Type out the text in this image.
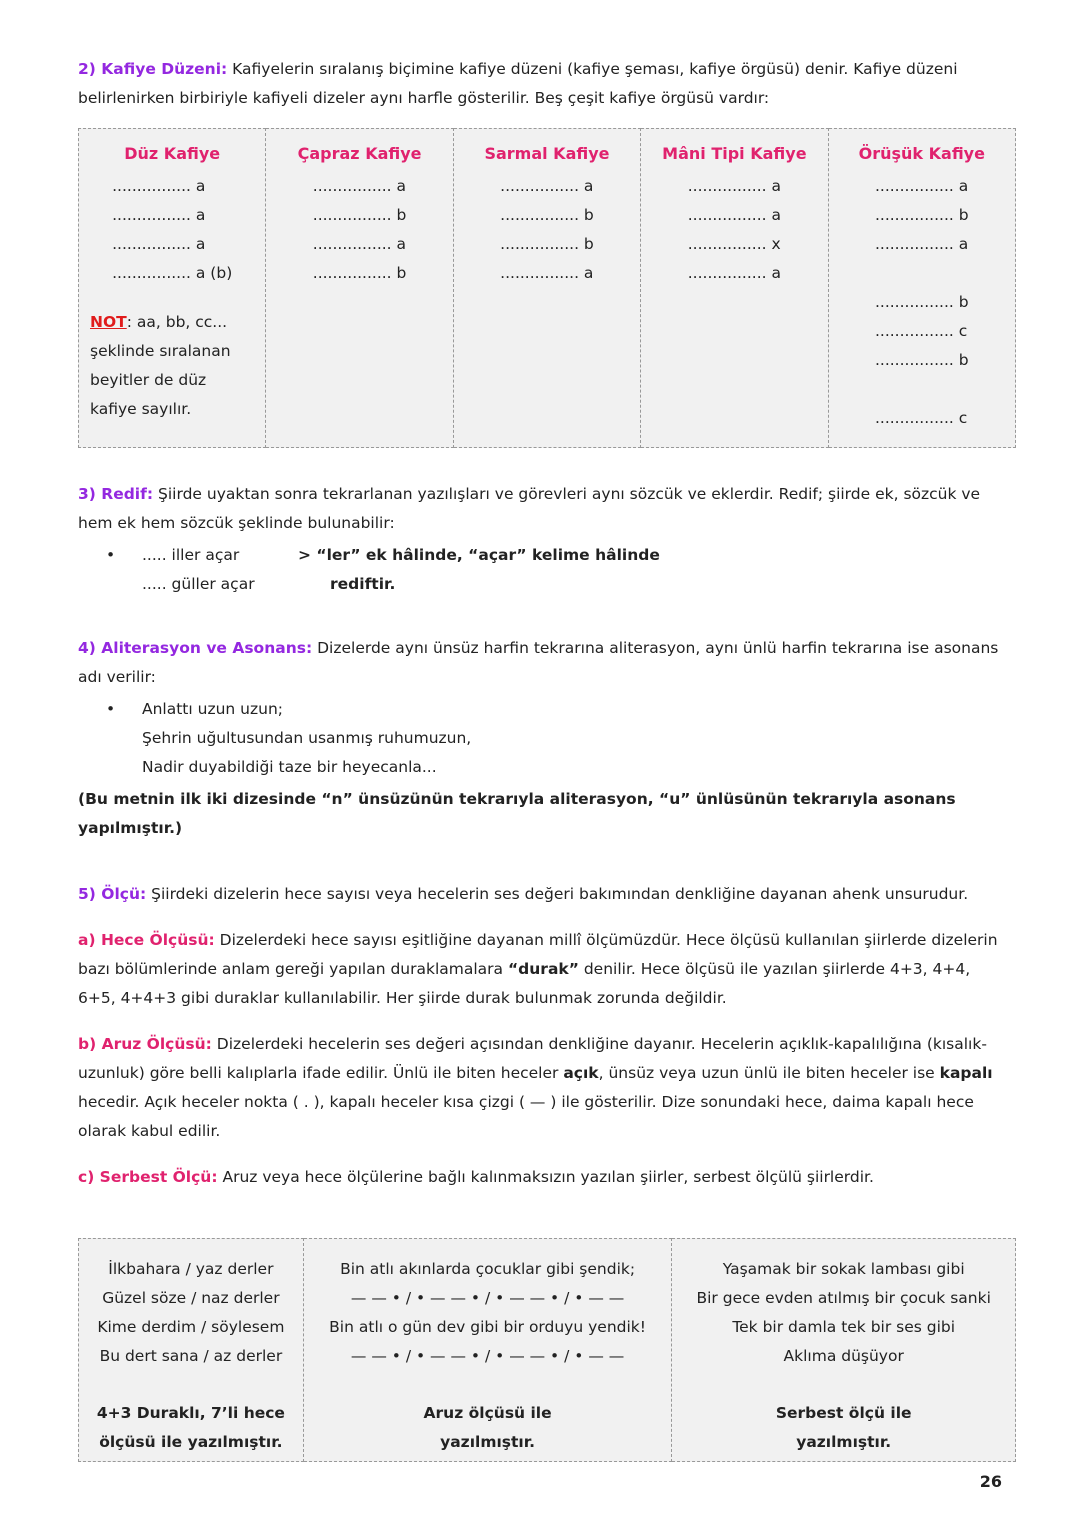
2) Kafiye Düzeni: Kafiyelerin sıralanış biçimine kafiye düzeni (kafiye şeması, kafiye örgüsü) denir. Kafiye düzeni belirlenirken birbiriyle kafiyeli dizeler aynı harfle gösterilir. Beş çeşit kafiye örgüsü vardır:
Düz Kafiye
................ a
................ a
................ a
................ a (b)
NOT: aa, bb, cc... şeklinde sıralanan beyitler de düz kafiye sayılır.

Çapraz Kafiye
................ a
................ b
................ a
................ b

Sarmal Kafiye
................ a
................ b
................ b
................ a

Mâni Tipi Kafiye
................ a
................ a
................ x
................ a

Örüşük Kafiye
................ a
................ b
................ a
................ b
................ c
................ b
................ c
3) Redif: Şiirde uyaktan sonra tekrarlanan yazılışları ve görevleri aynı sözcük ve eklerdir. Redif; şiirde ek, sözcük ve hem ek hem sözcük şeklinde bulunabilir:
• ..... iller açar	> “ler” ek hâlinde, “açar” kelime hâlinde
..... güller açar	rediftir.
4) Aliterasyon ve Asonans: Dizelerde aynı ünsüz harfin tekrarına aliterasyon, aynı ünlü harfin tekrarına ise asonans adı verilir:
• Anlattı uzun uzun;
Şehrin uğultusundan usanmış ruhumuzun,
Nadir duyabildiği taze bir heyecanla...
(Bu metnin ilk iki dizesinde “n” ünsüzünün tekrarıyla aliterasyon, “u” ünlüsünün tekrarıyla asonans yapılmıştır.)
5) Ölçü: Şiirdeki dizelerin hece sayısı veya hecelerin ses değeri bakımından denkliğine dayanan ahenk unsurudur.
a) Hece Ölçüsü: Dizelerdeki hece sayısı eşitliğine dayanan millî ölçümüzdür. Hece ölçüsü kullanılan şiirlerde dizelerin bazı bölümlerinde anlam gereği yapılan duraklamalara “durak” denilir. Hece ölçüsü ile yazılan şiirlerde 4+3, 4+4, 6+5, 4+4+3 gibi duraklar kullanılabilir. Her şiirde durak bulunmak zorunda değildir.
b) Aruz Ölçüsü: Dizelerdeki hecelerin ses değeri açısından denkliğine dayanır. Hecelerin açıklık-kapalılığına (kısalık-uzunluk) göre belli kalıplarla ifade edilir. Ünlü ile biten heceler açık, ünsüz veya uzun ünlü ile biten heceler ise kapalı hecedir. Açık heceler nokta ( . ), kapalı heceler kısa çizgi ( — ) ile gösterilir. Dize sonundaki hece, daima kapalı hece olarak kabul edilir.
c) Serbest Ölçü: Aruz veya hece ölçülerine bağlı kalınmaksızın yazılan şiirler, serbest ölçülü şiirlerdir.
İlkbahara / yaz derler
Güzel söze / naz derler
Kime derdim / söylesem
Bu dert sana / az derler
4+3 Duraklı, 7’li hece
ölçüsü ile yazılmıştır.

Bin atlı akınlarda çocuklar gibi şendik;
— — • / • — — • / • — — • / • — —
Bin atlı o gün dev gibi bir orduyu yendik!
— — • / • — — • / • — — • / • — —
Aruz ölçüsü ile
yazılmıştır.

Yaşamak bir sokak lambası gibi
Bir gece evden atılmış bir çocuk sanki
Tek bir damla tek bir ses gibi
Aklıma düşüyor
Serbest ölçü ile
yazılmıştır.
26
